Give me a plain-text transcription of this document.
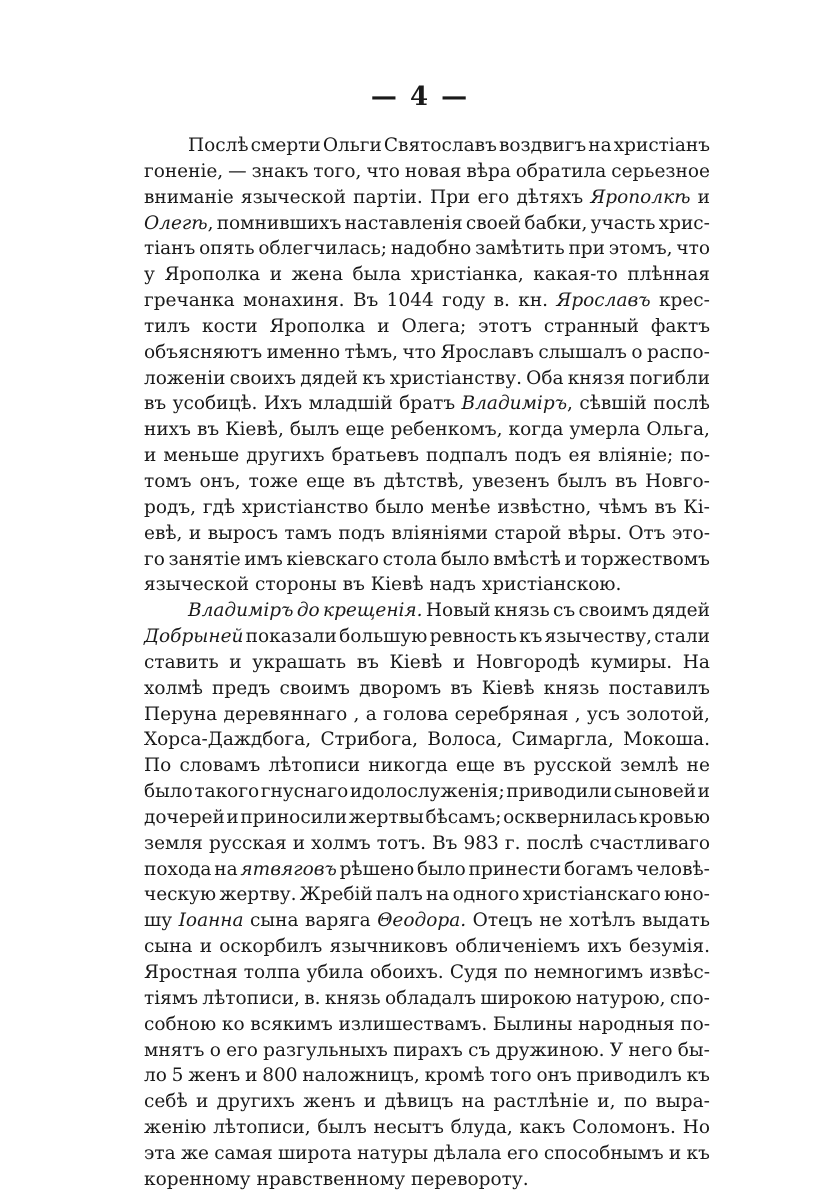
— 4 —
Послѣ смерти Ольги Святославъ воздвигъ на христіанъ
гоненіе, — знакъ того, что новая вѣра обратила серьезное
вниманіе языческой партіи. При его дѣтяхъ Ярополкѣ и
Олегѣ, помнившихъ наставленія своей бабки, участь хрис-
тіанъ опять облегчилась; надобно замѣтить при этомъ, что
у Ярополка и жена была христіанка, какая-то плѣнная
гречанка монахиня. Въ 1044 году в. кн. Ярославъ крес-
тилъ кости Ярополка и Олега; этотъ странный фактъ
объясняютъ именно тѣмъ, что Ярославъ слышалъ о распо-
ложеніи своихъ дядей къ христіанству. Оба князя погибли
въ усобицѣ. Ихъ младшій братъ Владиміръ, сѣвшій послѣ
нихъ въ Кіевѣ, былъ еще ребенкомъ, когда умерла Ольга,
и меньше другихъ братьевъ подпалъ подъ ея вліяніе; по-
томъ онъ, тоже еще въ дѣтствѣ, увезенъ былъ въ Новго-
родъ, гдѣ христіанство было менѣе извѣстно, чѣмъ въ Кі-
евѣ, и выросъ тамъ подъ вліяніями старой вѣры. Отъ это-
го занятіе имъ кіевскаго стола было вмѣстѣ и торжествомъ
языческой стороны въ Кіевѣ надъ христіанскою.
Владиміръ до крещенія. Новый князь съ своимъ дядей
Добрыней показали большую ревность къ язычеству, стали
ставить и украшать въ Кіевѣ и Новгородѣ кумиры. На
холмѣ предъ своимъ дворомъ въ Кіевѣ князь поставилъ
Перуна деревяннаго , а голова серебряная , усъ золотой,
Хорса-Даждбога, Стрибога, Волоса, Симаргла, Мокоша.
По словамъ лѣтописи никогда еще въ русской землѣ не
было такого гнуснаго идолослуженія; приводили сыновей и
дочерей и приносили жертвы бѣсамъ; осквернилась кровью
земля русская и холмъ тотъ. Въ 983 г. послѣ счастливаго
похода на ятвяговъ рѣшено было принести богамъ человѣ-
ческую жертву. Жребій палъ на одного христіанскаго юно-
шу Іоанна сына варяга Θеодора. Отецъ не хотѣлъ выдать
сына и оскорбилъ язычниковъ обличеніемъ ихъ безумія.
Яростная толпа убила обоихъ. Судя по немногимъ извѣс-
тіямъ лѣтописи, в. князь обладалъ широкою натурою, спо-
собною ко всякимъ излишествамъ. Былины народныя по-
мнятъ о его разгульныхъ пирахъ съ дружиною. У него бы-
ло 5 женъ и 800 наложницъ, кромѣ того онъ приводилъ къ
себѣ и другихъ женъ и дѣвицъ на растлѣніе и, по выра-
женію лѣтописи, былъ несытъ блуда, какъ Соломонъ. Но
эта же самая широта натуры дѣлала его способнымъ и къ
коренному нравственному перевороту.
